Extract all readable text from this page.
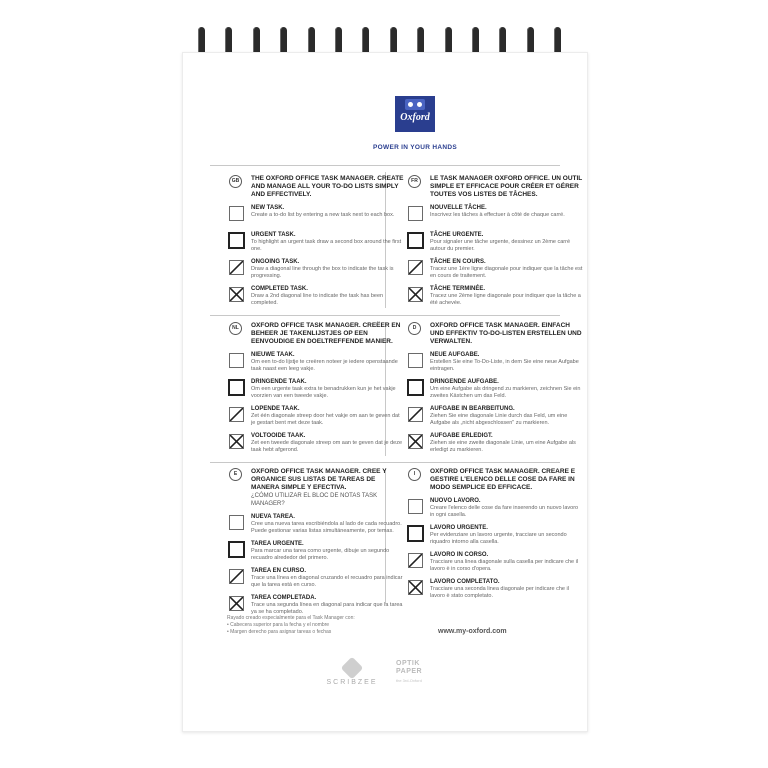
Oxford
POWER IN YOUR HANDS
GB	THE OXFORD OFFICE TASK MANAGER. CREATE AND MANAGE ALL YOUR TO-DO LISTS SIMPLY AND EFFECTIVELY.
NEW TASK.
Create a to-do list by entering a new task next to each box.
URGENT TASK.
To highlight an urgent task draw a second box around the first one.
ONGOING TASK.
Draw a diagonal line through the box to indicate the task is progressing.
COMPLETED TASK.
Draw a 2nd diagonal line to indicate the task has been completed.
FR	LE TASK MANAGER OXFORD OFFICE. UN OUTIL SIMPLE ET EFFICACE POUR CRÉER ET GÉRER TOUTES VOS LISTES DE TÂCHES.
NOUVELLE TÂCHE.
Inscrivez les tâches à effectuer à côté de chaque carré.
TÂCHE URGENTE.
Pour signaler une tâche urgente, dessinez un 2ème carré autour du premier.
TÂCHE EN COURS.
Tracez une 1ère ligne diagonale pour indiquer que la tâche est en cours de traitement.
TÂCHE TERMINÉE.
Tracez une 2ème ligne diagonale pour indiquer que la tâche a été achevée.
NL	OXFORD OFFICE TASK MANAGER. CREËER EN BEHEER JE TAKENLIJSTJES OP EEN EENVOUDIGE EN DOELTREFFENDE MANIER.
NIEUWE TAAK.
Om een to-do lijstje te creëren noteer je iedere openstaande taak naast een leeg vakje.
DRINGENDE TAAK.
Om een urgente taak extra te benadrukken kun je het vakje voorzien van een tweede vakje.
LOPENDE TAAK.
Zet één diagonale streep door het vakje om aan te geven dat je gestart bent met deze taak.
VOLTOOIDE TAAK.
Zet een tweede diagonale streep om aan te geven dat je deze taak hebt afgerond.
D	OXFORD OFFICE TASK MANAGER. EINFACH UND EFFEKTIV TO-DO-LISTEN ERSTELLEN UND VERWALTEN.
NEUE AUFGABE.
Erstellen Sie eine To-Do-Liste, in dem Sie eine neue Aufgabe eintragen.
DRINGENDE AUFGABE.
Um eine Aufgabe als dringend zu markieren, zeichnen Sie ein zweites Kästchen um das Feld.
AUFGABE IN BEARBEITUNG.
Ziehen Sie eine diagonale Linie durch das Feld, um eine Aufgabe als „nicht abgeschlossen" zu markieren.
AUFGABE ERLEDIGT.
Ziehen sie eine zweite diagonale Linie, um eine Aufgabe als erledigt zu markieren.
E	OXFORD OFFICE TASK MANAGER. CREE Y ORGANICE SUS LISTAS DE TAREAS DE MANERA SIMPLE Y EFECTIVA.
¿CÓMO UTILIZAR EL BLOC DE NOTAS TASK MANAGER?
NUEVA TAREA.
Cree una nueva tarea escribiéndola al lado de cada recuadro. Puede gestionar varias listas simultáneamente, por temas.
TAREA URGENTE.
Para marcar una tarea como urgente, dibuje un segundo recuadro alrededor del primero.
TAREA EN CURSO.
Trace una línea en diagonal cruzando el recuadro para indicar que la tarea está en curso.
TAREA COMPLETADA.
Trace una segunda línea en diagonal para indicar que la tarea ya se ha completado.
I	OXFORD OFFICE TASK MANAGER. CREARE E GESTIRE L'ELENCO DELLE COSE DA FARE IN MODO SEMPLICE ED EFFICACE.
NUOVO LAVORO.
Creare l'elenco delle cose da fare inserendo un nuovo lavoro in ogni casella.
LAVORO URGENTE.
Per evidenziare un lavoro urgente, tracciare un secondo riquadro intorno alla casella.
LAVORO IN CORSO.
Tracciare una linea diagonale sulla casella per indicare che il lavoro è in corso d'opera.
LAVORO COMPLETATO.
Tracciare una seconda linea diagonale per indicare che il lavoro è stato completato.
Rayado creado especialmente para el Task Manager con:
• Cabecera superior para la fecha y el nombre
• Margen derecho para asignar tareas o fechas	www.my-oxford.com
SCRIBZEE
OPTIK PAPER
the 3rd-Oxford
